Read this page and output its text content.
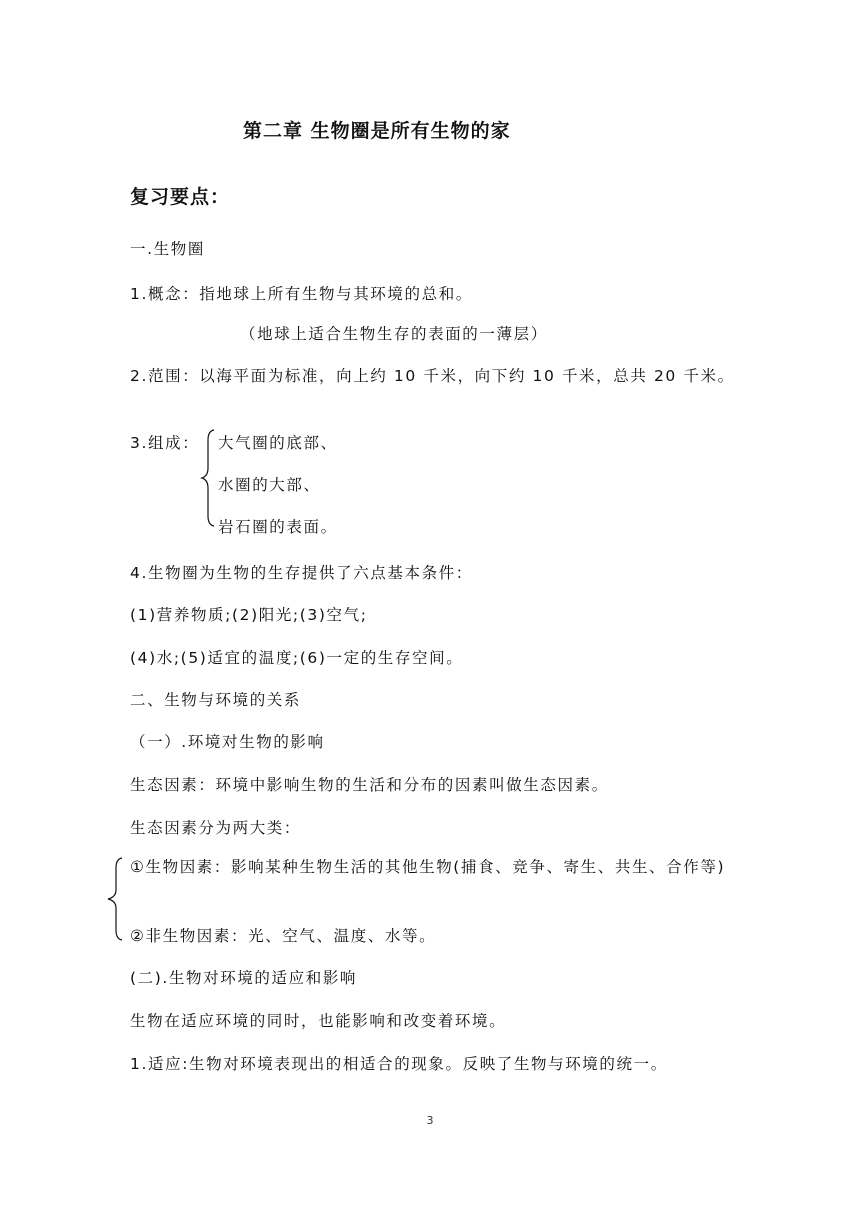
第二章 生物圈是所有生物的家
复习要点：
一.生物圈
1.概念：指地球上所有生物与其环境的总和。
（地球上适合生物生存的表面的一薄层）
2.范围：以海平面为标准，向上约 10 千米，向下约 10 千米，总共 20 千米。
3.组成： 大气圈的底部、
水圈的大部、
岩石圈的表面。
4.生物圈为生物的生存提供了六点基本条件：
(1)营养物质;(2)阳光;(3)空气;
(4)水;(5)适宜的温度;(6)一定的生存空间。
二、生物与环境的关系
（一）.环境对生物的影响
生态因素：环境中影响生物的生活和分布的因素叫做生态因素。
生态因素分为两大类：
①生物因素：影响某种生物生活的其他生物(捕食、竞争、寄生、共生、合作等)
②非生物因素：光、空气、温度、水等。
(二).生物对环境的适应和影响
生物在适应环境的同时，也能影响和改变着环境。
1.适应:生物对环境表现出的相适合的现象。反映了生物与环境的统一。
3
